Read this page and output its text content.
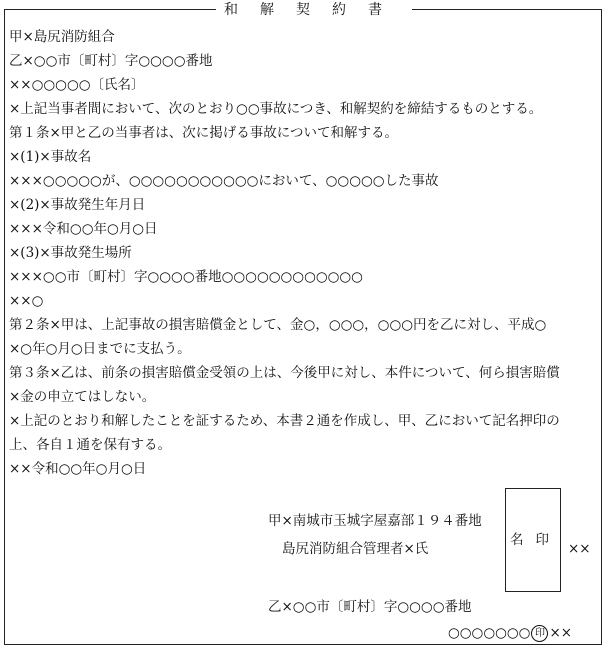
和解契約書
甲×島尻消防組合
乙×○○市〔町村〕字○○○○番地
××○○○○○〔氏名〕
×上記当事者間において、次のとおり○○事故につき、和解契約を締結するものとする。
第１条×甲と乙の当事者は、次に掲げる事故について和解する。
×(1)×事故名
×××○○○○○が、○○○○○○○○○○○において、○○○○○した事故
×(2)×事故発生年月日
×××令和○○年○月○日
×(3)×事故発生場所
×××○○市〔町村〕字○○○○番地○○○○○○○○○○○○
××○
第２条×甲は、上記事故の損害賠償金として、金○，○○○，○○○円を乙に対し、平成○
×○年○月○日までに支払う。
第３条×乙は、前条の損害賠償金受領の上は、今後甲に対し、本件について、何ら損害賠償
×金の申立てはしない。
×上記のとおり和解したことを証するため、本書２通を作成し、甲、乙において記名押印の
上、各自１通を保有する。
××令和○○年○月○日
甲×南城市玉城字屋嘉部１９４番地
島尻消防組合管理者×氏
名印
××
乙×○○市〔町村〕字○○○○番地
○○○○○○○ 印 ××
